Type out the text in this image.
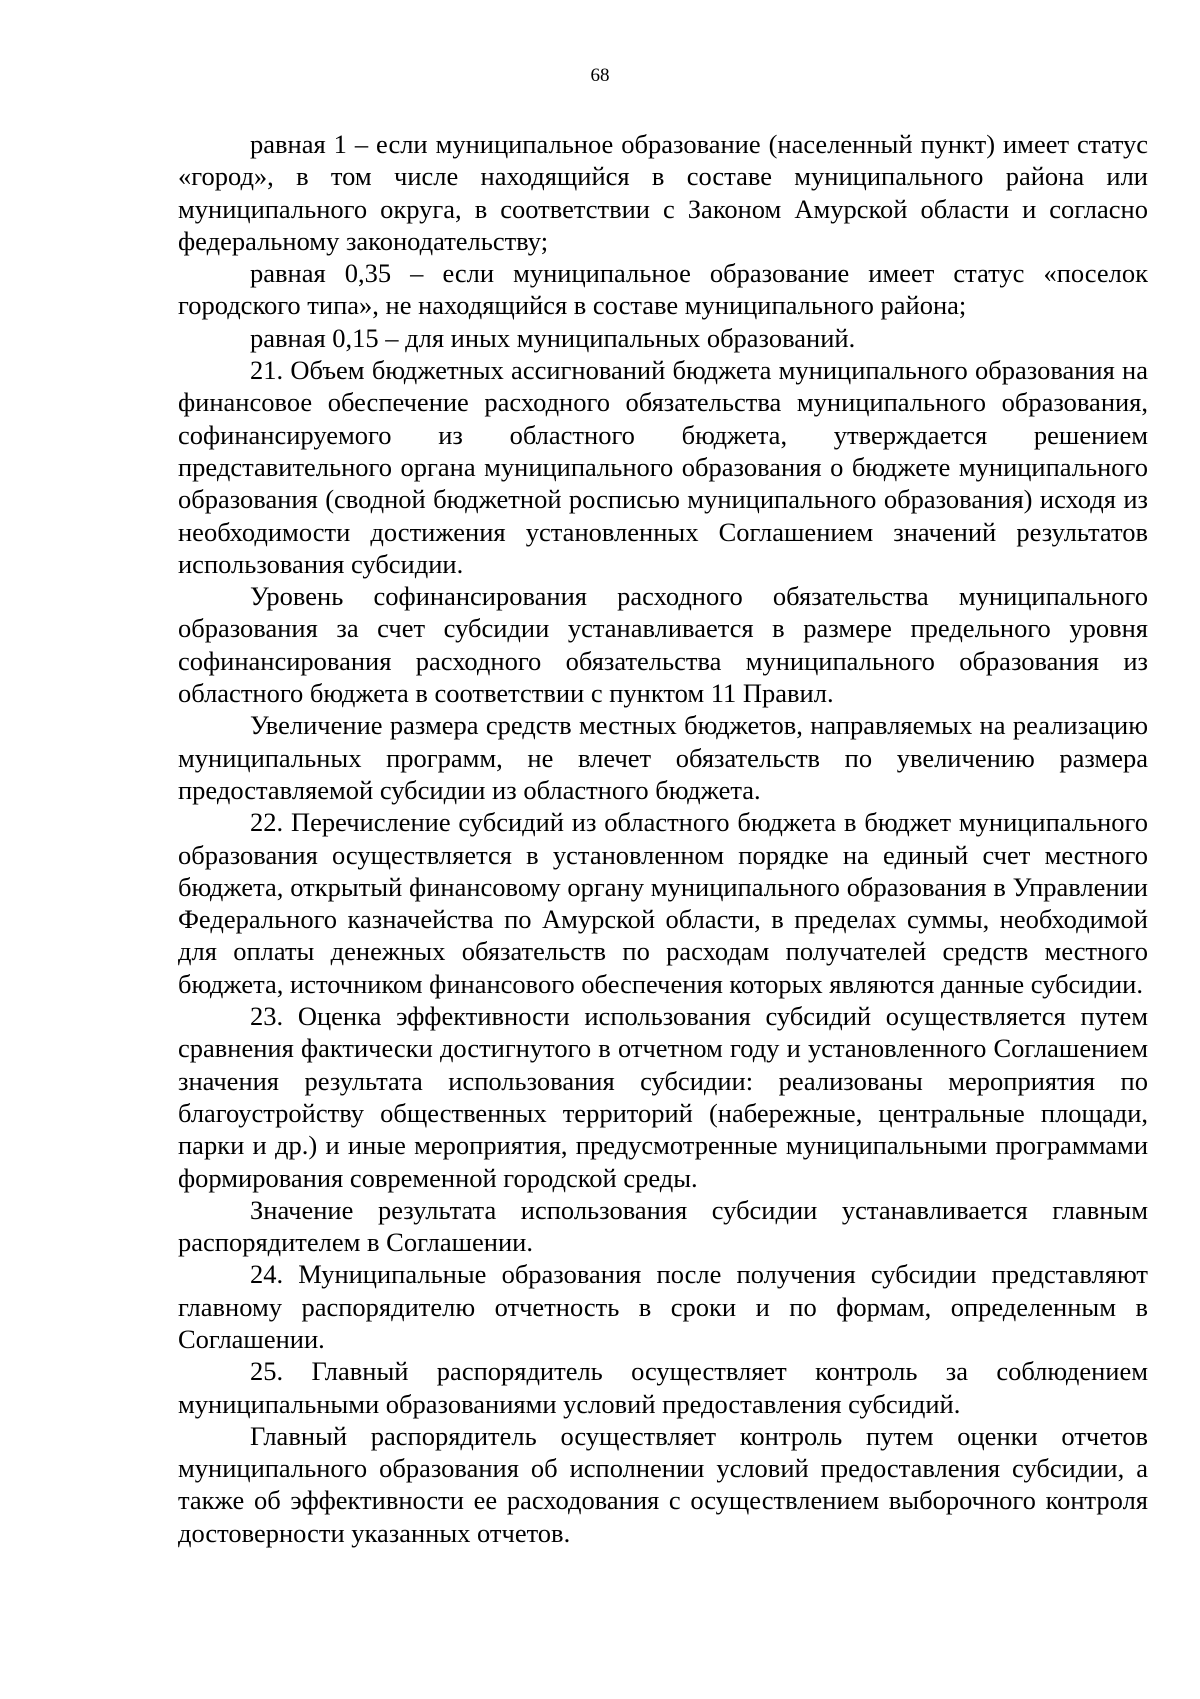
68

равная 1 – если муниципальное образование (населенный пункт) имеет статус «город», в том числе находящийся в составе муниципального района или муниципального округа, в соответствии с Законом Амурской области и согласно федеральному законодательству;

равная 0,35 – если муниципальное образование имеет статус «поселок городского типа», не находящийся в составе муниципального района;

равная 0,15 – для иных муниципальных образований.

21. Объем бюджетных ассигнований бюджета муниципального образования на финансовое обеспечение расходного обязательства муниципального образования, софинансируемого из областного бюджета, утверждается решением представительного органа муниципального образования о бюджете муниципального образования (сводной бюджетной росписью муниципального образования) исходя из необходимости достижения установленных Соглашением значений результатов использования субсидии.

Уровень софинансирования расходного обязательства муниципального образования за счет субсидии устанавливается в размере предельного уровня софинансирования расходного обязательства муниципального образования из областного бюджета в соответствии с пунктом 11 Правил.

Увеличение размера средств местных бюджетов, направляемых на реализацию муниципальных программ, не влечет обязательств по увеличению размера предоставляемой субсидии из областного бюджета.

22. Перечисление субсидий из областного бюджета в бюджет муниципального образования осуществляется в установленном порядке на единый счет местного бюджета, открытый финансовому органу муниципального образования в Управлении Федерального казначейства по Амурской области, в пределах суммы, необходимой для оплаты денежных обязательств по расходам получателей средств местного бюджета, источником финансового обеспечения которых являются данные субсидии.

23. Оценка эффективности использования субсидий осуществляется путем сравнения фактически достигнутого в отчетном году и установленного Соглашением значения результата использования субсидии: реализованы мероприятия по благоустройству общественных территорий (набережные, центральные площади, парки и др.) и иные мероприятия, предусмотренные муниципальными программами формирования современной городской среды.

Значение результата использования субсидии устанавливается главным распорядителем в Соглашении.

24. Муниципальные образования после получения субсидии представляют главному распорядителю отчетность в сроки и по формам, определенным в Соглашении.

25. Главный распорядитель осуществляет контроль за соблюдением муниципальными образованиями условий предоставления субсидий.

Главный распорядитель осуществляет контроль путем оценки отчетов муниципального образования об исполнении условий предоставления субсидии, а также об эффективности ее расходования с осуществлением выборочного контроля достоверности указанных отчетов.
